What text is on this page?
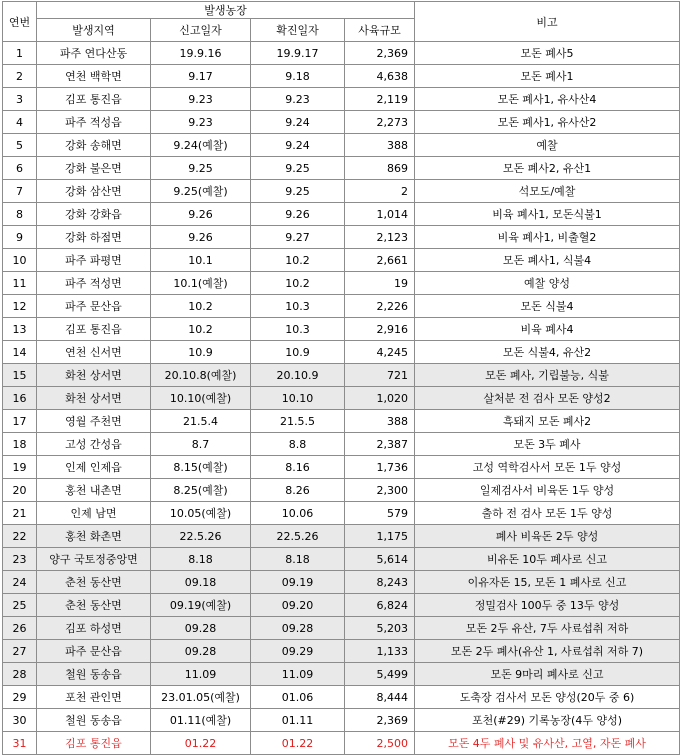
연번	발생농장				비고
	발생지역	신고일자	확진일자	사육규모	
1	파주 연다산동	19.9.16	19.9.17	2,369	모돈 폐사5
2	연천 백학면	9.17	9.18	4,638	모돈 폐사1
3	김포 통진읍	9.23	9.23	2,119	모돈 폐사1, 유사산4
4	파주 적성읍	9.23	9.24	2,273	모돈 폐사1, 유사산2
5	강화 송해면	9.24(예찰)	9.24	388	예찰
6	강화 불은면	9.25	9.25	869	모돈 폐사2, 유산1
7	강화 삼산면	9.25(예찰)	9.25	2	석모도/예찰
8	강화 강화읍	9.26	9.26	1,014	비육 폐사1, 모돈식불1
9	강화 하점면	9.26	9.27	2,123	비육 폐사1, 비출혈2
10	파주 파평면	10.1	10.2	2,661	모돈 폐사1, 식불4
11	파주 적성면	10.1(예찰)	10.2	19	예찰 양성
12	파주 문산읍	10.2	10.3	2,226	모돈 식불4
13	김포 통진읍	10.2	10.3	2,916	비육 폐사4
14	연천 신서면	10.9	10.9	4,245	모돈 식불4, 유산2
15	화천 상서면	20.10.8(예찰)	20.10.9	721	모돈 폐사, 기립불능, 식불
16	화천 상서면	10.10(예찰)	10.10	1,020	살처분 전 검사 모돈 양성2
17	영월 주천면	21.5.4	21.5.5	388	흑돼지 모돈 폐사2
18	고성 간성읍	8.7	8.8	2,387	모돈 3두 폐사
19	인제 인제읍	8.15(예찰)	8.16	1,736	고성 역학검사서 모돈 1두 양성
20	홍천 내촌면	8.25(예찰)	8.26	2,300	일제검사서 비육돈 1두 양성
21	인제 남면	10.05(예찰)	10.06	579	출하 전 검사 모돈 1두 양성
22	홍천 화촌면	22.5.26	22.5.26	1,175	폐사 비육돈 2두 양성
23	양구 국토정중앙면	8.18	8.18	5,614	비유돈 10두 폐사로 신고
24	춘천 동산면	09.18	09.19	8,243	이유자돈 15, 모돈 1 폐사로 신고
25	춘천 동산면	09.19(예찰)	09.20	6,824	정밀검사 100두 중 13두 양성
26	김포 하성면	09.28	09.28	5,203	모돈 2두 유산, 7두 사료섭취 저하
27	파주 문산읍	09.28	09.29	1,133	모돈 2두 폐사(유산 1, 사료섭취 저하 7)
28	철원 동송읍	11.09	11.09	5,499	모돈 9마리 폐사로 신고
29	포천 관인면	23.01.05(예찰)	01.06	8,444	도축장 검사서 모돈 양성(20두 중 6)
30	철원 동송읍	01.11(예찰)	01.11	2,369	포천(#29) 기록농장(4두 양성)
31	김포 통진읍	01.22	01.22	2,500	모돈 4두 폐사 및 유사산, 고열, 자돈 폐사
